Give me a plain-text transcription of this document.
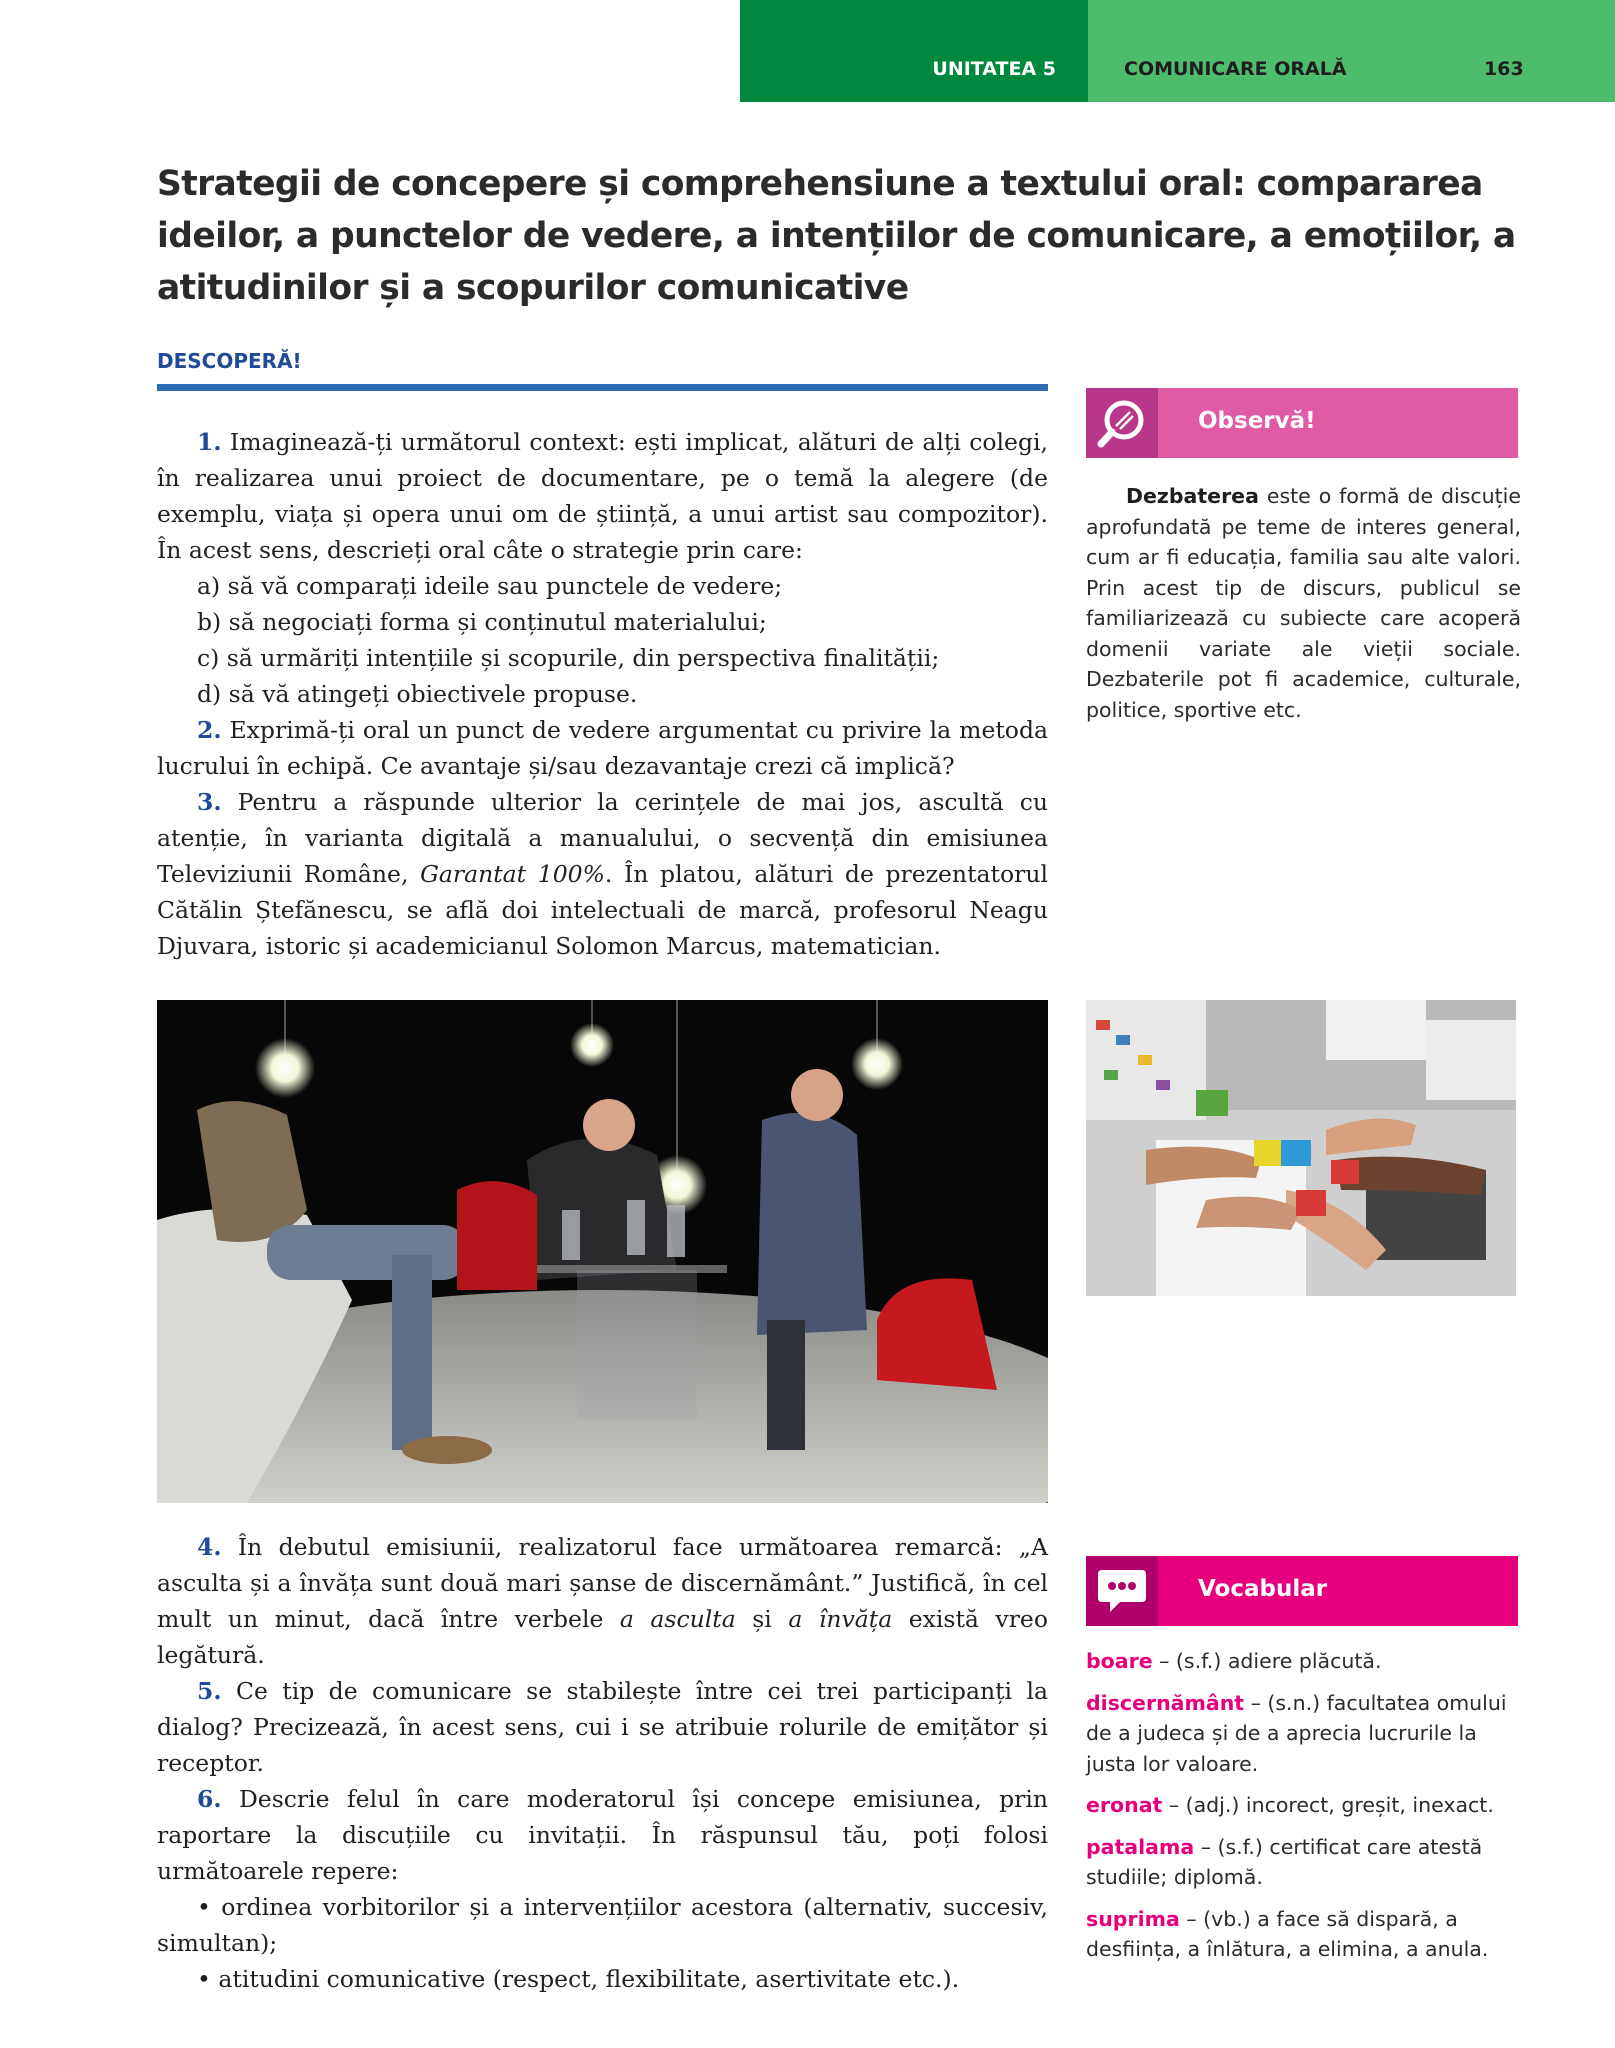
UNITATEA 5	COMUNICARE ORALĂ	163
Strategii de concepere și comprehensiune a textului oral: compararea ideilor, a punctelor de vedere, a intențiilor de comunicare, a emoțiilor, a atitudinilor și a scopurilor comunicative
DESCOPERĂ!

1. Imaginează-ți următorul context: ești implicat, alături de alți colegi, în realizarea unui proiect de documentare, pe o temă la alegere (de exemplu, viața și opera unui om de știință, a unui artist sau compozitor). În acest sens, descrieți oral câte o strategie prin care:

a) să vă comparați ideile sau punctele de vedere;

b) să negociați forma și conținutul materialului;

c) să urmăriți intențiile și scopurile, din perspectiva finalității;

d) să vă atingeți obiectivele propuse.

2. Exprimă-ți oral un punct de vedere argumentat cu privire la metoda lucrului în echipă. Ce avantaje și/sau dezavantaje crezi că implică?

3. Pentru a răspunde ulterior la cerințele de mai jos, ascultă cu atenție, în varianta digitală a manualului, o secvență din emisiunea Televiziunii Române, Garantat 100%. În platou, alături de prezentatorul Cătălin Ștefănescu, se află doi intelectuali de marcă, profesorul Neagu Djuvara, istoric și academicianul Solomon Marcus, matematician.

Observă!

Dezbaterea este o formă de discuție aprofundată pe teme de interes general, cum ar fi educația, familia sau alte valori. Prin acest tip de discurs, publicul se familiarizează cu subiecte care acoperă domenii variate ale vieții sociale. Dezbaterile pot fi academice, culturale, politice, sportive etc.

4. În debutul emisiunii, realizatorul face următoarea remarcă: „A asculta și a învăța sunt două mari șanse de discernământ.” Justifică, în cel mult un minut, dacă între verbele a asculta și a învăța există vreo legătură.

5. Ce tip de comunicare se stabilește între cei trei participanți la dialog? Precizează, în acest sens, cui i se atribuie rolurile de emițător și receptor.

6. Descrie felul în care moderatorul își concepe emisiunea, prin raportare la discuțiile cu invitații. În răspunsul tău, poți folosi următoarele repere:

• ordinea vorbitorilor și a intervențiilor acestora (alternativ, succesiv, simultan);

• atitudini comunicative (respect, flexibilitate, asertivitate etc.).

Vocabular

boare – (s.f.) adiere plăcută.

discernământ – (s.n.) facultatea omului de a judeca și de a aprecia lucrurile la justa lor valoare.

eronat – (adj.) incorect, greșit, inexact.

patalama – (s.f.) certificat care atestă studiile; diplomă.

suprima – (vb.) a face să dispară, a desființa, a înlătura, a elimina, a anula.
